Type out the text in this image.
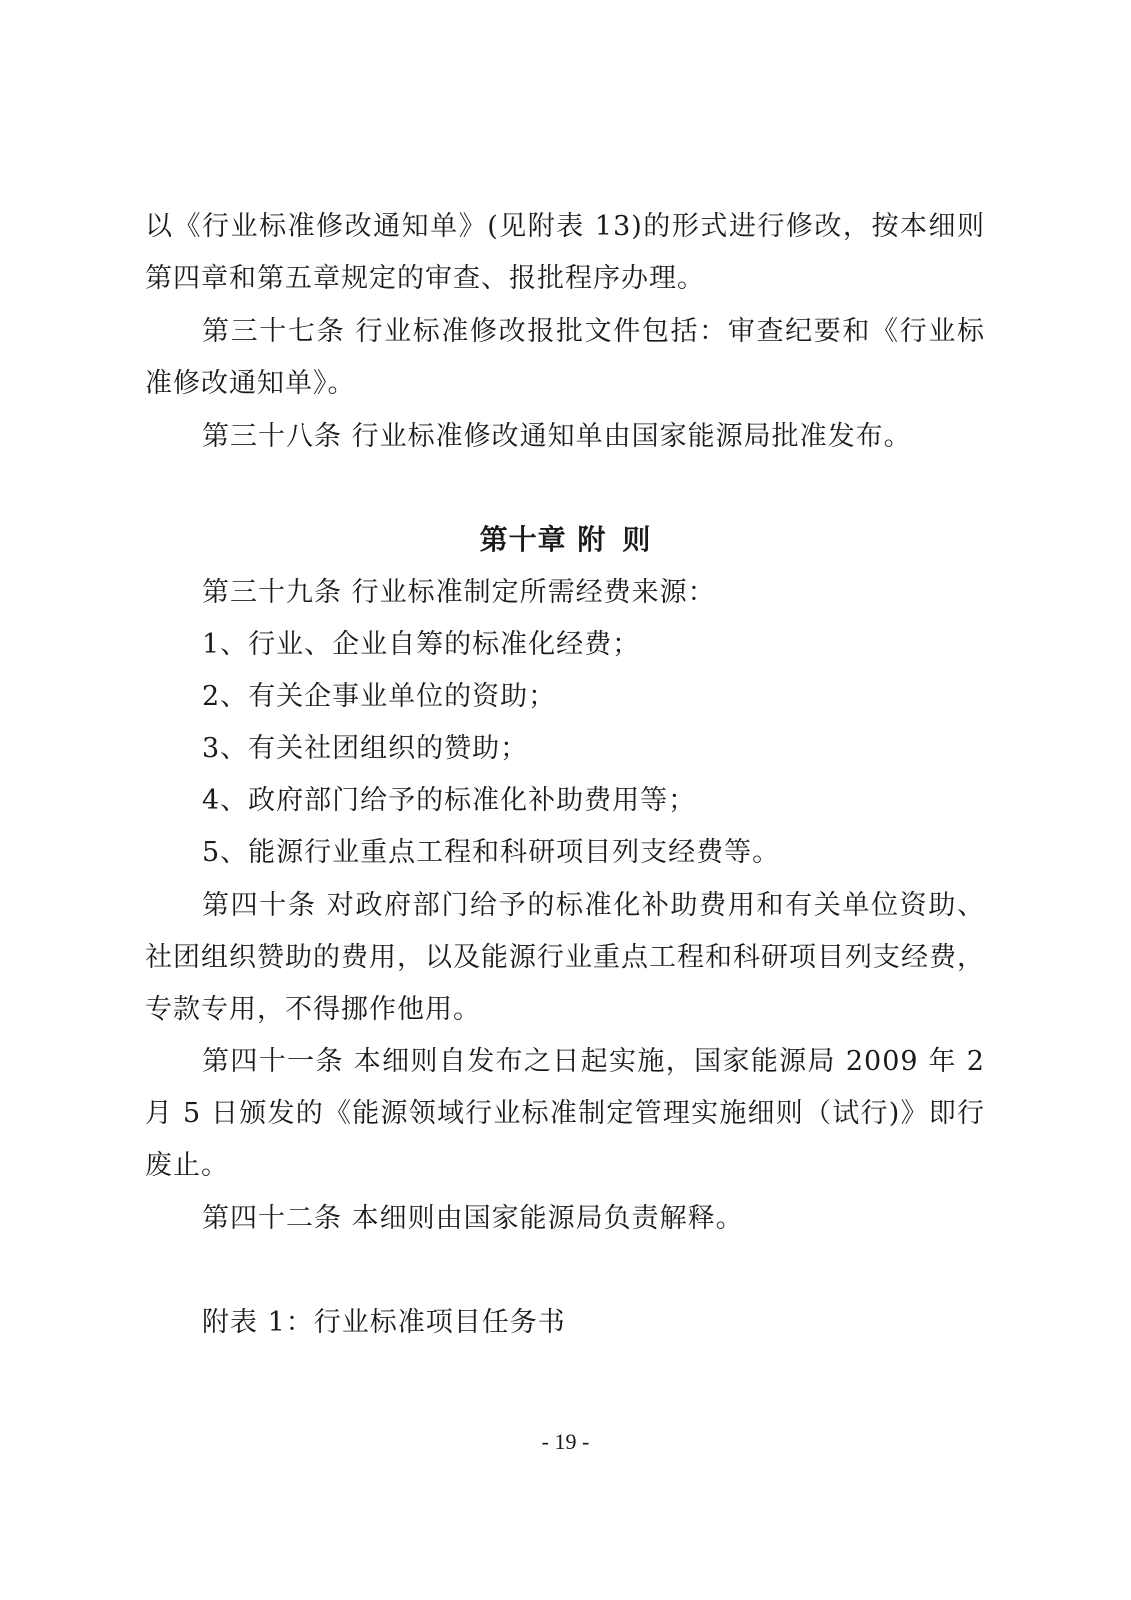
以《行业标准修改通知单》(见附表 13)的形式进行修改，按本细则
第四章和第五章规定的审查、报批程序办理。
第三十七条 行业标准修改报批文件包括：审查纪要和《行业标
准修改通知单》。
第三十八条 行业标准修改通知单由国家能源局批准发布。
第十章 附 则
第三十九条 行业标准制定所需经费来源：
1、行业、企业自筹的标准化经费；
2、有关企事业单位的资助；
3、有关社团组织的赞助；
4、政府部门给予的标准化补助费用等；
5、能源行业重点工程和科研项目列支经费等。
第四十条 对政府部门给予的标准化补助费用和有关单位资助、
社团组织赞助的费用，以及能源行业重点工程和科研项目列支经费，
专款专用，不得挪作他用。
第四十一条 本细则自发布之日起实施，国家能源局 2009 年 2
月 5 日颁发的《能源领域行业标准制定管理实施细则（试行)》即行
废止。
第四十二条 本细则由国家能源局负责解释。
附表 1：行业标准项目任务书
- 19 -
